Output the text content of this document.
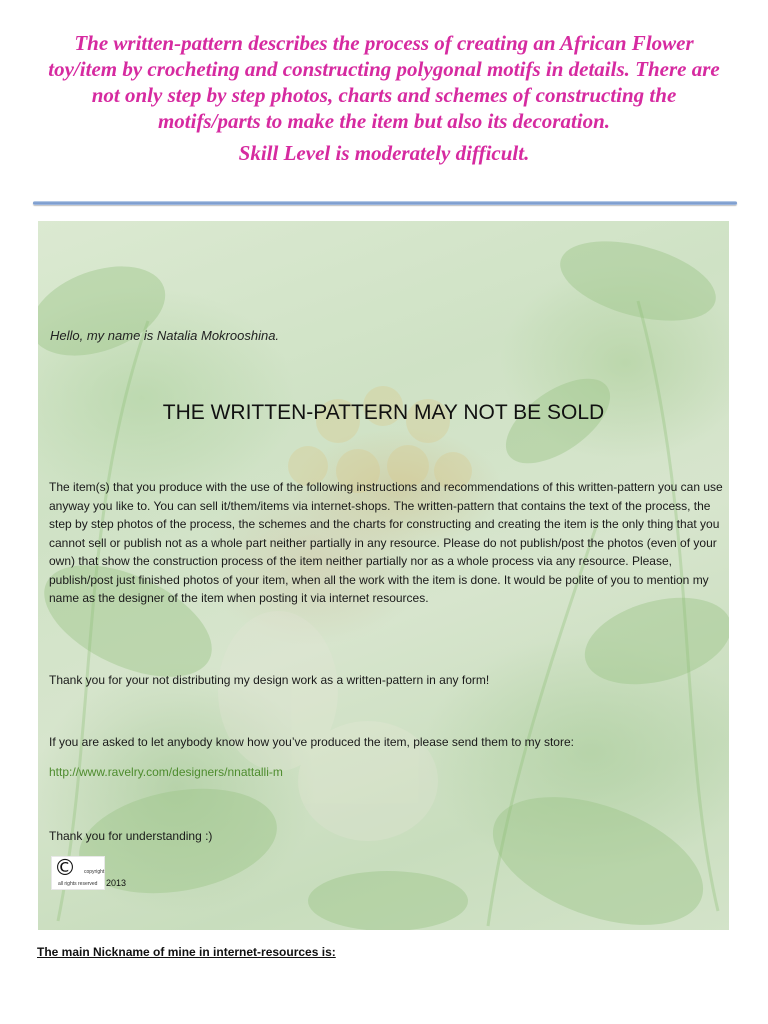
The written-pattern describes the process of creating an African Flower toy/item by crocheting and constructing polygonal motifs in details. There are not only step by step photos, charts and schemes of constructing the motifs/parts to make the item but also its decoration.

Skill Level is moderately difficult.

Hello, my name is Natalia Mokrooshina.
THE WRITTEN-PATTERN MAY NOT BE SOLD
The item(s) that you produce with the use of the following instructions and recommendations of this written-pattern you can use anyway you like to. You can sell it/them/items via internet-shops. The written-pattern that contains the text of the process, the step by step photos of the process, the schemes and the charts for constructing and creating the item is the only thing that you cannot sell or publish not as a whole part neither partially in any resource. Please do not publish/post the photos (even of your own) that show the construction process of the item neither partially nor as a whole process via any resource. Please, publish/post just finished photos of your item, when all the work with the item is done. It would be polite of you to mention my name as the designer of the item when posting it via internet resources.
Thank you for your not distributing my design work as a written-pattern in any form!
If you are asked to let anybody know how you’ve produced the item, please send them to my store:
http://www.ravelry.com/designers/nnattalli-m
Thank you for understanding :)
© copyright
all rights reserved 2013
The main Nickname of mine in internet-resources is:
